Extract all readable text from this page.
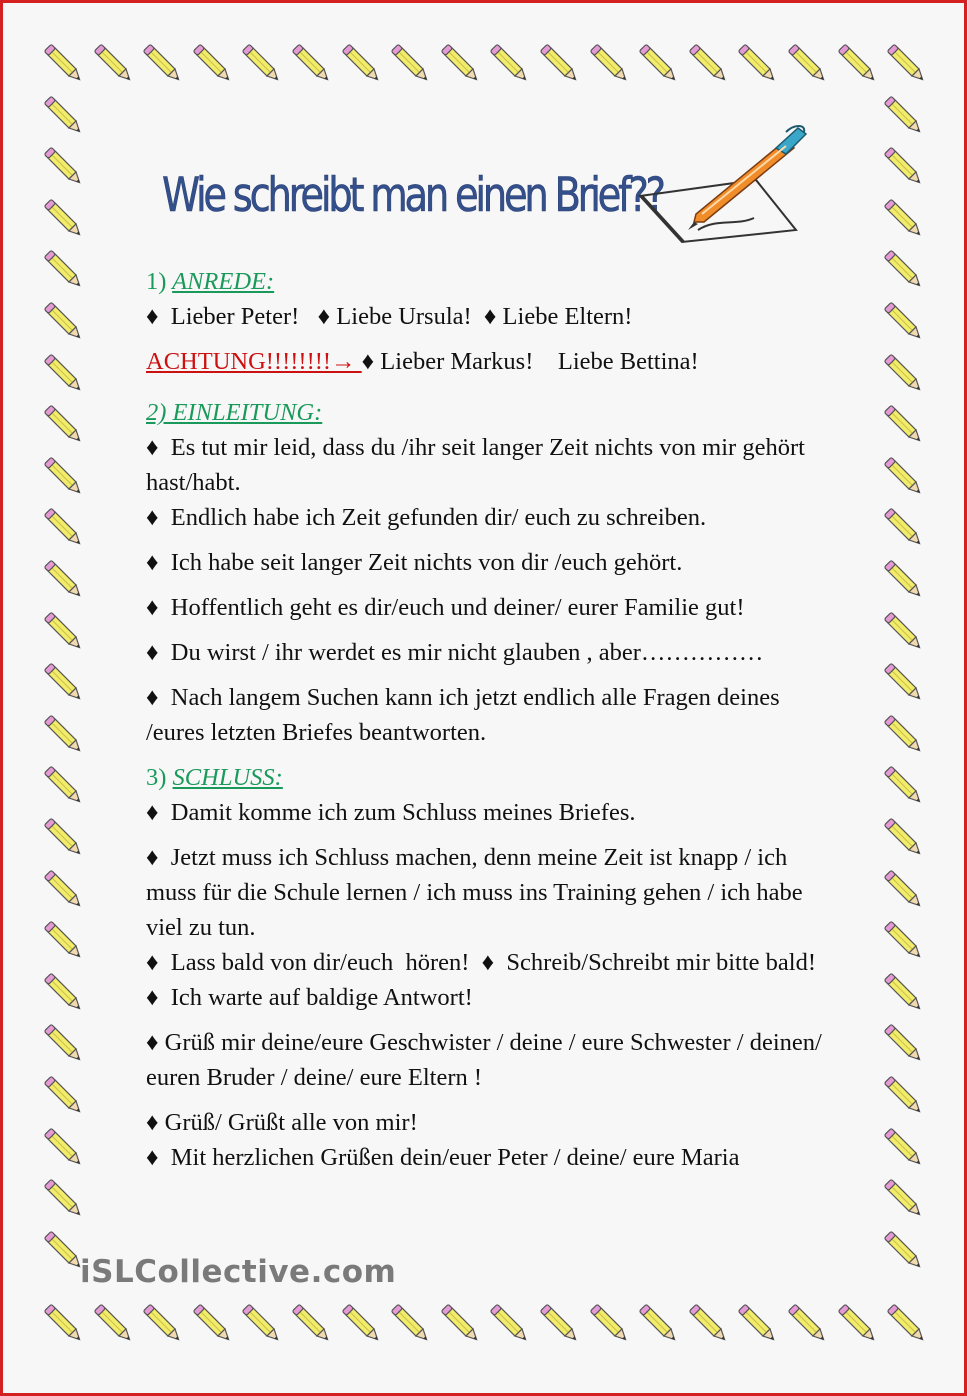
Wie schreibt man einen Brief??
1) ANREDE:
♦  Lieber Peter!   ♦ Liebe Ursula!  ♦ Liebe Eltern!
ACHTUNG!!!!!!!!→ ♦ Lieber Markus!    Liebe Bettina!
2) EINLEITUNG:
♦  Es tut mir leid, dass du /ihr seit langer Zeit nichts von mir gehört hast/habt.
♦  Endlich habe ich Zeit gefunden dir/ euch zu schreiben.
♦  Ich habe seit langer Zeit nichts von dir /euch gehört.
♦  Hoffentlich geht es dir/euch und deiner/ eurer Familie gut!
♦  Du wirst / ihr werdet es mir nicht glauben , aber……………
♦  Nach langem Suchen kann ich jetzt endlich alle Fragen deines /eures letzten Briefes beantworten.
3) SCHLUSS:
♦  Damit komme ich zum Schluss meines Briefes.
♦  Jetzt muss ich Schluss machen, denn meine Zeit ist knapp / ich muss für die Schule lernen / ich muss ins Training gehen / ich habe viel zu tun.
♦  Lass bald von dir/euch  hören!  ♦  Schreib/Schreibt mir bitte bald!   ♦  Ich warte auf baldige Antwort!
♦ Grüß mir deine/eure Geschwister / deine / eure Schwester / deinen/ euren Bruder / deine/ eure Eltern !
♦ Grüß/ Grüßt alle von mir!
♦  Mit herzlichen Grüßen dein/euer Peter / deine/ eure Maria
iSLCollective.com
